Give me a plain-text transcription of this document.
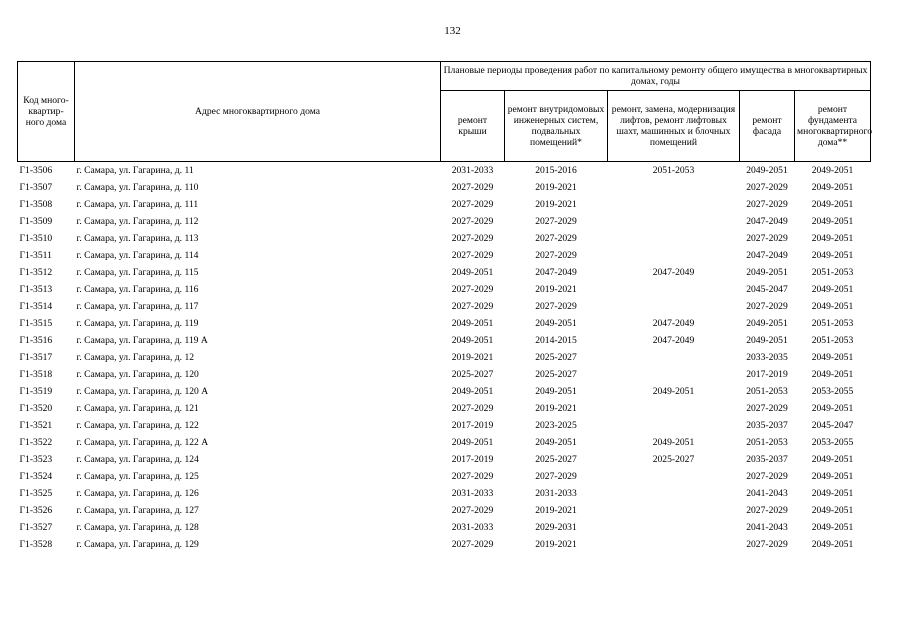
132
Код много-квартир-ного дома	Адрес многоквартирного дома	Плановые периоды проведения работ по капитальному ремонту общего имущества в многоквартирных домах, годы				
		ремонт крыши	ремонт внутридомовых инженерных систем, подвальных помещений*	ремонт, замена, модернизация лифтов, ремонт лифтовых шахт, машинных и блочных помещений	ремонт фасада	ремонт фундамента многоквартирного дома**
Г1-3506	г. Самара, ул. Гагарина, д. 11	2031-2033	2015-2016	2051-2053	2049-2051	2049-2051
Г1-3507	г. Самара, ул. Гагарина, д. 110	2027-2029	2019-2021		2027-2029	2049-2051
Г1-3508	г. Самара, ул. Гагарина, д. 111	2027-2029	2019-2021		2027-2029	2049-2051
Г1-3509	г. Самара, ул. Гагарина, д. 112	2027-2029	2027-2029		2047-2049	2049-2051
Г1-3510	г. Самара, ул. Гагарина, д. 113	2027-2029	2027-2029		2027-2029	2049-2051
Г1-3511	г. Самара, ул. Гагарина, д. 114	2027-2029	2027-2029		2047-2049	2049-2051
Г1-3512	г. Самара, ул. Гагарина, д. 115	2049-2051	2047-2049	2047-2049	2049-2051	2051-2053
Г1-3513	г. Самара, ул. Гагарина, д. 116	2027-2029	2019-2021		2045-2047	2049-2051
Г1-3514	г. Самара, ул. Гагарина, д. 117	2027-2029	2027-2029		2027-2029	2049-2051
Г1-3515	г. Самара, ул. Гагарина, д. 119	2049-2051	2049-2051	2047-2049	2049-2051	2051-2053
Г1-3516	г. Самара, ул. Гагарина, д. 119 А	2049-2051	2014-2015	2047-2049	2049-2051	2051-2053
Г1-3517	г. Самара, ул. Гагарина, д. 12	2019-2021	2025-2027		2033-2035	2049-2051
Г1-3518	г. Самара, ул. Гагарина, д. 120	2025-2027	2025-2027		2017-2019	2049-2051
Г1-3519	г. Самара, ул. Гагарина, д. 120 А	2049-2051	2049-2051	2049-2051	2051-2053	2053-2055
Г1-3520	г. Самара, ул. Гагарина, д. 121	2027-2029	2019-2021		2027-2029	2049-2051
Г1-3521	г. Самара, ул. Гагарина, д. 122	2017-2019	2023-2025		2035-2037	2045-2047
Г1-3522	г. Самара, ул. Гагарина, д. 122 А	2049-2051	2049-2051	2049-2051	2051-2053	2053-2055
Г1-3523	г. Самара, ул. Гагарина, д. 124	2017-2019	2025-2027	2025-2027	2035-2037	2049-2051
Г1-3524	г. Самара, ул. Гагарина, д. 125	2027-2029	2027-2029		2027-2029	2049-2051
Г1-3525	г. Самара, ул. Гагарина, д. 126	2031-2033	2031-2033		2041-2043	2049-2051
Г1-3526	г. Самара, ул. Гагарина, д. 127	2027-2029	2019-2021		2027-2029	2049-2051
Г1-3527	г. Самара, ул. Гагарина, д. 128	2031-2033	2029-2031		2041-2043	2049-2051
Г1-3528	г. Самара, ул. Гагарина, д. 129	2027-2029	2019-2021		2027-2029	2049-2051
